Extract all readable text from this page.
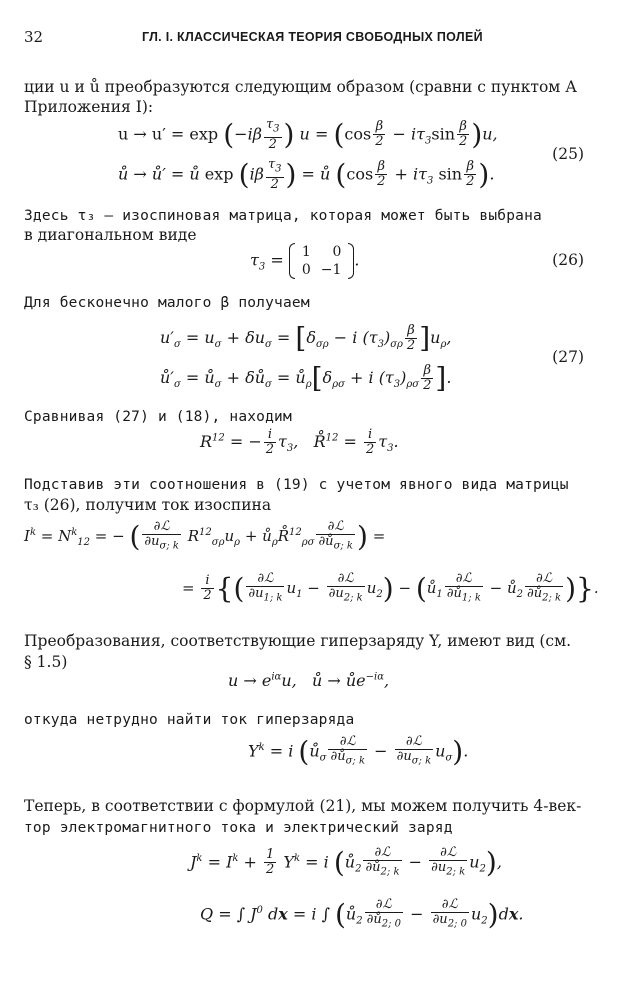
32	ГЛ. I. КЛАССИЧЕСКАЯ ТЕОРИЯ СВОБОДНЫХ ПОЛЕЙ
ции u и ů преобразуются следующим образом (сравни с пунктом А
Приложения I):
$u \to u' = \exp (-i\beta \frac{\tau_3}{2}$ ) $u = (\cos \frac{\beta}{2} - i\tau_3\sin \frac{\beta}{2} )u$,
ů → ů′ = ů $\exp (i\beta \frac{\tau_3}{2}$ ) = ů ($\cos \frac{\beta}{2} + i\tau_3$ $\sin \frac{\beta}{2}$ ).
(25)
Здесь τ₃ — изоспиновая матрица, которая может быть выбрана
в диагональном виде
$\tau_3 = 1$	0
0	−1
.	(26)
Для бесконечно малого β получаем
$u'_\sigma = u_\sigma + \delta u_\sigma = [\delta_{\sigma\rho} - i$ $(\tau_3)_{\sigma\rho} \frac{\beta}{2} ]u_\rho$,
$ů'_\sigma$ = $ů_\sigma$ + $\delta ů_\sigma$ = $ů_\rho[\delta_{\rho\sigma} + i$ $(\tau_3)_{\rho\sigma} \frac{\beta}{2}$ ].
(27)
Сравнивая (27) и (18), находим
$R^{12}$ = − $\frac{i}{2} \tau_3$,   R̊$^{12}$ = $\frac{i}{2} \tau_3$.
Подставив эти соотношения в (19) с учетом явного вида матрицы
τ₃ (26), получим ток изоспина
$I^k = N^k_{12}$ = − ( $\frac{\text{∂ℒ}}{\partial u_{\sigma; k}} R^{12}_{\sigma\rho}u_\rho$ + $ů_\rho R̊^{12}_{\rho\sigma} \frac{\text{∂ℒ}}{\partial ů_{\sigma; k}}$ ) =
= $\frac{i}{2}$ {( $\frac{\text{∂ℒ}}{\partial u_{1; k}} u_1 - \frac{\text{∂ℒ}}{\partial u_{2; k}} u_2$) − ($ů_1 \frac{\text{∂ℒ}}{\partial ů_{1; k}}$ − $ů_2 \frac{\text{∂ℒ}}{\partial ů_{2; k}}$ )}.
Преобразования, соответствующие гиперзаряду Y, имеют вид (см.
§ 1.5)
$u \to e^{i\alpha}u$,   ů → $ůe^{-i\alpha}$,
откуда нетрудно найти ток гиперзаряда
$Y^k = i$ $(ů_\sigma \frac{\text{∂ℒ}}{\partial ů_{\sigma; k}} - \frac{\text{∂ℒ}}{\partial u_{\sigma; k}} u_\sigma)$.
Теперь, в соответствии с формулой (21), мы можем получить 4-век-
тор электромагнитного тока и электрический заряд
$J^k = I^k + \frac{1}{2} Y^k = i$ $(ů_2 \frac{\text{∂ℒ}}{\partial ů_{2; k}} - \frac{\text{∂ℒ}}{\partial u_{2; k}} u_2)$,
Q = ∫ $J^0$ dx = i ∫ $(ů_2 \frac{\text{∂ℒ}}{\partial ů_{2; 0}} - \frac{\text{∂ℒ}}{\partial u_{2; 0}} u_2)dx$.
